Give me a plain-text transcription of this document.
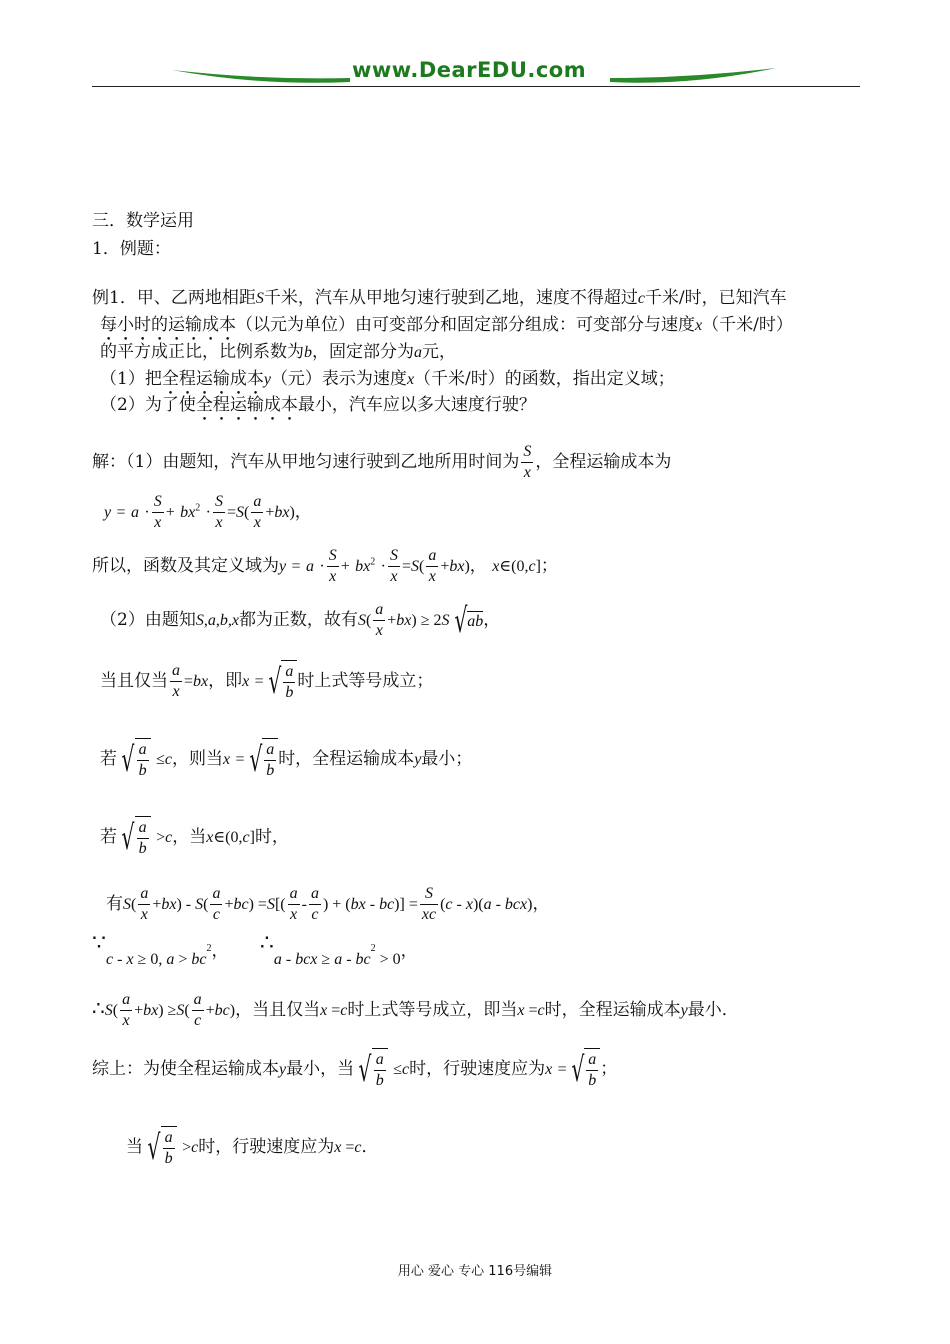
www.DearEDU.com
三．数学运用
1．例题：
例1．甲、乙两地相距S千米，汽车从甲地匀速行驶到乙地，速度不得超过c千米/时，已知汽车
每小时的运输成本（以元为单位）由可变部分和固定部分组成：可变部分与速度x（千米/时）
的平方成正比，比例系数为b，固定部分为a元，
（1）把全程运输成本y（元）表示为速度x（千米/时）的函数，指出定义域；
（2）为了使全程运输成本最小，汽车应以多大速度行驶？
解：（1）由题知，汽车从甲地匀速行驶到乙地所用时间为 $\frac{S}{x}$ ，全程运输成本为
$y = a \cdot \frac{S}{x} + bx^2 \cdot \frac{S}{x} =S( \frac{a}{x} +bx)$，
所以，函数及其定义域为$y = a \cdot \frac{S}{x} + bx^2 \cdot \frac{S}{x} =S( \frac{a}{x} +bx)$， x∈(0,c]；
（2）由题知S,a,b,x都为正数，故有$S( \frac{a}{x} +bx) \ge 2S$ √ab，
当且仅当 $\frac{a}{x} =bx$，即x = √ $\frac{a}{b}$ 时上式等号成立；
若 √ $\frac{a}{b} \le c$，则当x = √ $\frac{a}{b}$ 时，全程运输成本y最小；
若 √ $\frac{a}{b} >c$，当x∈(0,c]时，
有$S( \frac{a}{x} +bx) - S( \frac{a}{c} +bc) =S[( \frac{a}{x} - \frac{a}{c}$ ) + $(bx - bc)] = \frac{S}{xc} (c - x)(a - bcx)$，
∵c - x ≥ 0, $a > bc^2$， ∴a - bcx ≥ $a - bc^2 > 0$，
∴S( $\frac{a}{x} +bx) \ge S( \frac{a}{c} +bc)$，当且仅当x =c时上式等号成立，即当x =c时，全程运输成本y最小．
综上：为使全程运输成本y最小，当 √ $\frac{a}{b} \le c$时，行驶速度应为x = √ $\frac{a}{b}$ ；
当 √ $\frac{a}{b} >c$时，行驶速度应为x =c．
用心 爱心 专心 116号编辑
